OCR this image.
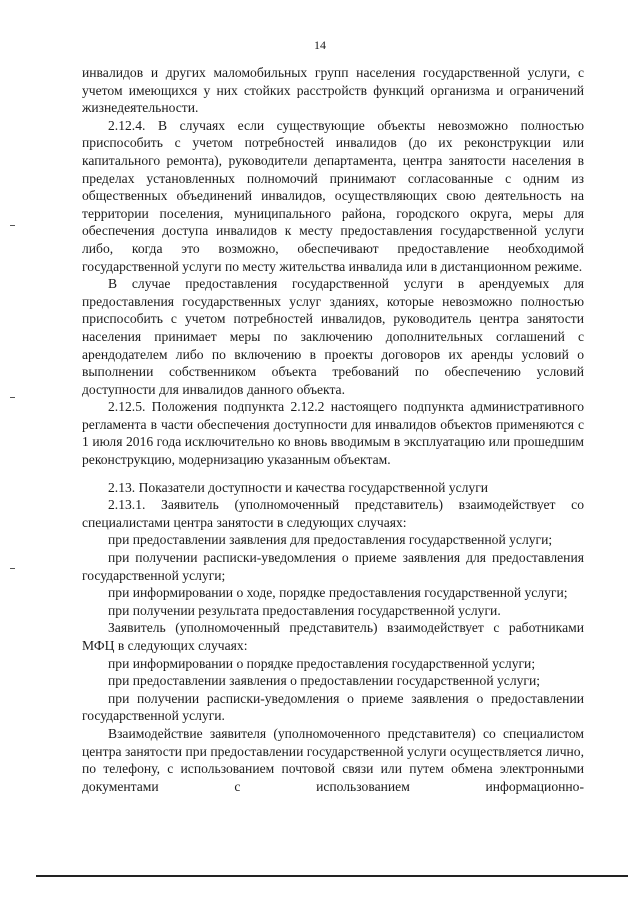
14

инвалидов и других маломобильных групп населения государственной услуги, с учетом имеющихся у них стойких расстройств функций организма и ограничений жизнедеятельности.

2.12.4. В случаях если существующие объекты невозможно полностью приспособить с учетом потребностей инвалидов (до их реконструкции или капитального ремонта), руководители департамента, центра занятости населения в пределах установленных полномочий принимают согласованные с одним из общественных объединений инвалидов, осуществляющих свою деятельность на территории поселения, муниципального района, городского округа, меры для обеспечения доступа инвалидов к месту предоставления государственной услуги либо, когда это возможно, обеспечивают предоставление необходимой государственной услуги по месту жительства инвалида или в дистанционном режиме.

В случае предоставления государственной услуги в арендуемых для предоставления государственных услуг зданиях, которые невозможно полностью приспособить с учетом потребностей инвалидов, руководитель центра занятости населения принимает меры по заключению дополнительных соглашений с арендодателем либо по включению в проекты договоров их аренды условий о выполнении собственником объекта требований по обеспечению условий доступности для инвалидов данного объекта.

2.12.5. Положения подпункта 2.12.2 настоящего подпункта административного регламента в части обеспечения доступности для инвалидов объектов применяются с 1 июля 2016 года исключительно ко вновь вводимым в эксплуатацию или прошедшим реконструкцию, модернизацию указанным объектам.

2.13. Показатели доступности и качества государственной услуги

2.13.1. Заявитель (уполномоченный представитель) взаимодействует со специалистами центра занятости в следующих случаях:

при предоставлении заявления для предоставления государственной услуги;

при получении расписки-уведомления о приеме заявления для предоставления государственной услуги;

при информировании о ходе, порядке предоставления государственной услуги;

при получении результата предоставления государственной услуги.

Заявитель (уполномоченный представитель) взаимодействует с работниками МФЦ в следующих случаях:

при информировании о порядке предоставления государственной услуги;

при предоставлении заявления о предоставлении государственной услуги;

при получении расписки-уведомления о приеме заявления о предоставлении государственной услуги.

Взаимодействие заявителя (уполномоченного представителя) со специалистом центра занятости при предоставлении государственной услуги осуществляется лично, по телефону, с использованием почтовой связи или путем обмена электронными документами с использованием информационно-
